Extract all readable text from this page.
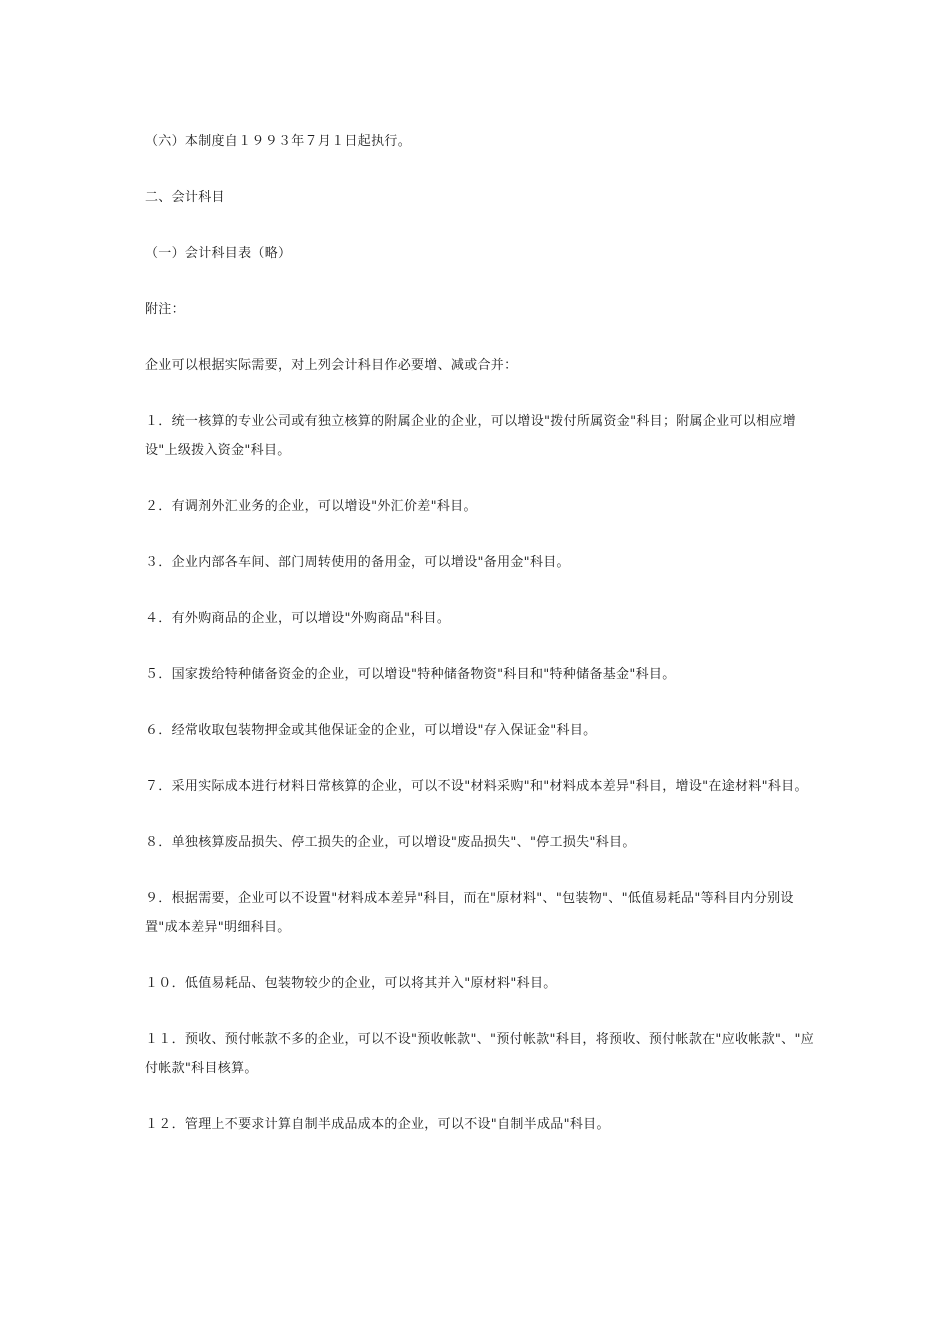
（六）本制度自１９９３年７月１日起执行。

二、会计科目

（一）会计科目表（略）

附注：

企业可以根据实际需要，对上列会计科目作必要增、减或合并：

１．统一核算的专业公司或有独立核算的附属企业的企业，可以增设"拨付所属资金"科目；附属企业可以相应增设"上级拨入资金"科目。

２．有调剂外汇业务的企业，可以增设"外汇价差"科目。

３．企业内部各车间、部门周转使用的备用金，可以增设"备用金"科目。

４．有外购商品的企业，可以增设"外购商品"科目。

５．国家拨给特种储备资金的企业，可以增设"特种储备物资"科目和"特种储备基金"科目。

６．经常收取包装物押金或其他保证金的企业，可以增设"存入保证金"科目。

７．采用实际成本进行材料日常核算的企业，可以不设"材料采购"和"材料成本差异"科目，增设"在途材料"科目。

８．单独核算废品损失、停工损失的企业，可以增设"废品损失"、"停工损失"科目。

９．根据需要，企业可以不设置"材料成本差异"科目，而在"原材料"、"包装物"、"低值易耗品"等科目内分别设置"成本差异"明细科目。

１０．低值易耗品、包装物较少的企业，可以将其并入"原材料"科目。

１１．预收、预付帐款不多的企业，可以不设"预收帐款"、"预付帐款"科目，将预收、预付帐款在"应收帐款"、"应付帐款"科目核算。

１２．管理上不要求计算自制半成品成本的企业，可以不设"自制半成品"科目。
